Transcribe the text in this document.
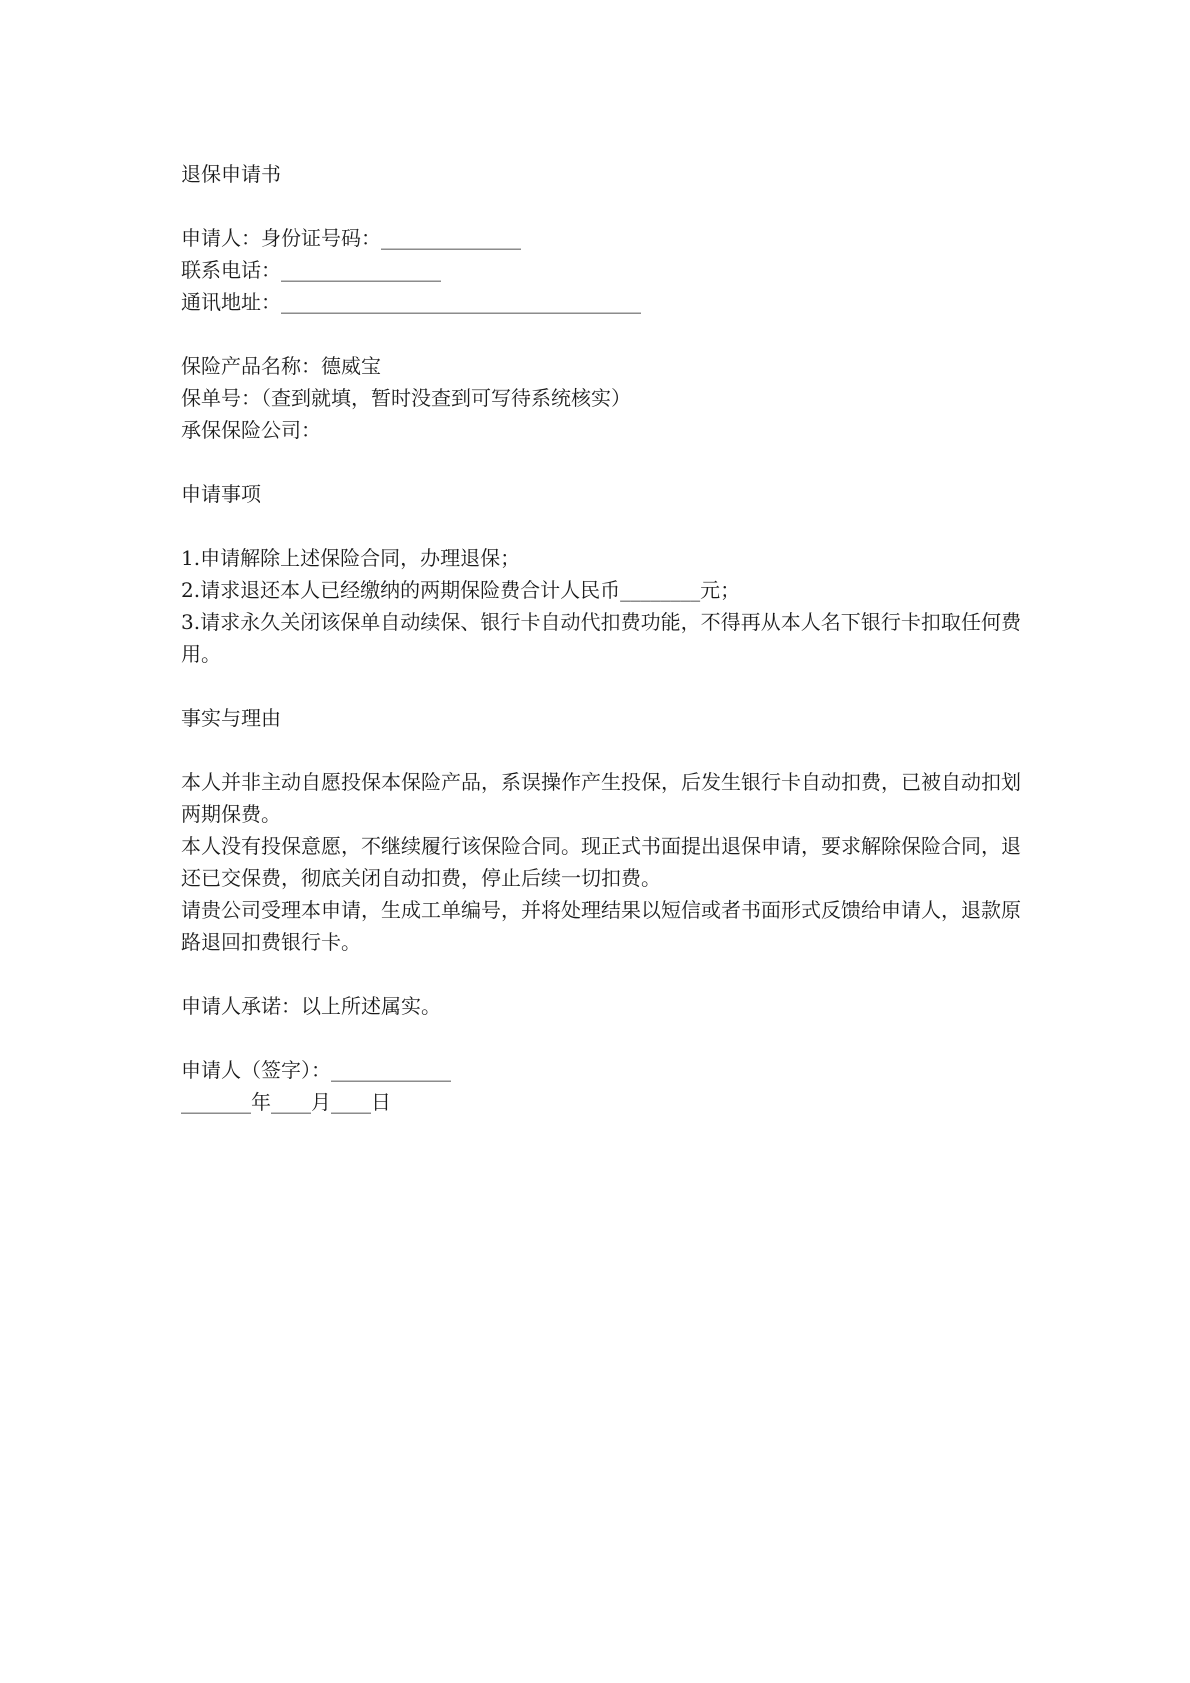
退保申请书
申请人：身份证号码：______________
联系电话：________________
通讯地址：____________________________________
保险产品名称：德威宝
保单号：（查到就填，暂时没查到可写待系统核实）
承保保险公司：
申请事项
1.申请解除上述保险合同，办理退保；
2.请求退还本人已经缴纳的两期保险费合计人民币________元；
3.请求永久关闭该保单自动续保、银行卡自动代扣费功能，不得再从本人名下银行卡扣取任何费用。
事实与理由
本人并非主动自愿投保本保险产品，系误操作产生投保，后发生银行卡自动扣费，已被自动扣划两期保费。
本人没有投保意愿，不继续履行该保险合同。现正式书面提出退保申请，要求解除保险合同，退还已交保费，彻底关闭自动扣费，停止后续一切扣费。
请贵公司受理本申请，生成工单编号，并将处理结果以短信或者书面形式反馈给申请人，退款原路退回扣费银行卡。
申请人承诺：以上所述属实。
申请人（签字）：____________
_______年____月____日
